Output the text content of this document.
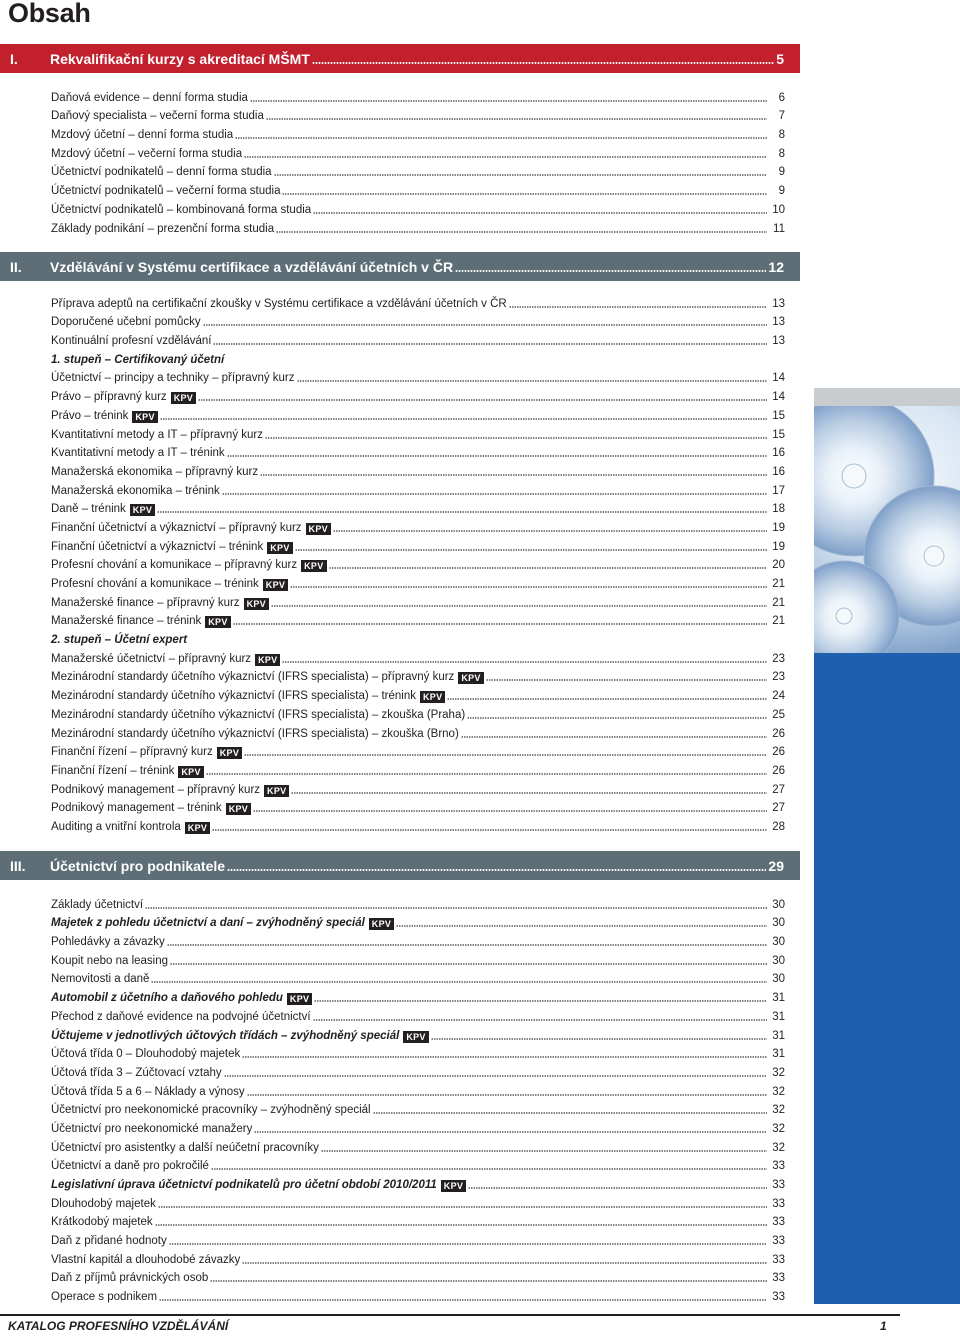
Obsah
I.	Rekvalifikační kurzy s akreditací MŠMT	5
Daňová evidence – denní forma studia	6
Daňový specialista – večerní forma studia	7
Mzdový účetní – denní forma studia	8
Mzdový účetní – večerní forma studia	8
Účetnictví podnikatelů – denní forma studia	9
Účetnictví podnikatelů – večerní forma studia	9
Účetnictví podnikatelů – kombinovaná forma studia	10
Základy podnikání – prezenční forma studia	11
II.	Vzdělávání v Systému certifikace a vzdělávání účetních v ČR	12
Příprava adeptů na certifikační zkoušky v Systému certifikace a vzdělávání účetních v ČR	13
Doporučené učební pomůcky	13
Kontinuální profesní vzdělávání	13
1. stupeň – Certifikovaný účetní
Účetnictví – principy a techniky – přípravný kurz	14
Právo – přípravný kurz KPV	14
Právo – trénink KPV	15
Kvantitativní metody a IT – přípravný kurz	15
Kvantitativní metody a IT – trénink	16
Manažerská ekonomika – přípravný kurz	16
Manažerská ekonomika – trénink	17
Daně – trénink KPV	18
Finanční účetnictví a výkaznictví – přípravný kurz KPV	19
Finanční účetnictví a výkaznictví – trénink KPV	19
Profesní chování a komunikace – přípravný kurz KPV	20
Profesní chování a komunikace – trénink KPV	21
Manažerské finance – přípravný kurz KPV	21
Manažerské finance – trénink KPV	21
2. stupeň – Účetní expert
Manažerské účetnictví – přípravný kurz KPV	23
Mezinárodní standardy účetního výkaznictví (IFRS specialista) – přípravný kurz KPV	23
Mezinárodní standardy účetního výkaznictví (IFRS specialista) – trénink KPV	24
Mezinárodní standardy účetního výkaznictví (IFRS specialista) – zkouška (Praha)	25
Mezinárodní standardy účetního výkaznictví (IFRS specialista) – zkouška (Brno)	26
Finanční řízení – přípravný kurz KPV	26
Finanční řízení – trénink KPV	26
Podnikový management – přípravný kurz KPV	27
Podnikový management – trénink KPV	27
Auditing a vnitřní kontrola KPV	28
III.	Účetnictví pro podnikatele	29
Základy účetnictví	30
Majetek z pohledu účetnictví a daní – zvýhodněný speciál KPV	30
Pohledávky a závazky	30
Koupit nebo na leasing	30
Nemovitosti a daně	30
Automobil z účetního a daňového pohledu KPV	31
Přechod z daňové evidence na podvojné účetnictví	31
Účtujeme v jednotlivých účtových třídách – zvýhodněný speciál KPV	31
Účtová třída 0 – Dlouhodobý majetek	31
Účtová třída 3 – Zúčtovací vztahy	32
Účtová třída 5 a 6 – Náklady a výnosy	32
Účetnictví pro neekonomické pracovníky – zvýhodněný speciál	32
Účetnictví pro neekonomické manažery	32
Účetnictví pro asistentky a další neúčetní pracovníky	32
Účetnictví a daně pro pokročilé	33
Legislativní úprava účetnictví podnikatelů pro účetní období 2010/2011 KPV	33
Dlouhodobý majetek	33
Krátkodobý majetek	33
Daň z přidané hodnoty	33
Vlastní kapitál a dlouhodobé závazky	33
Daň z příjmů právnických osob	33
Operace s podnikem	33
KATALOG PROFESNÍHO VZDĚLÁVÁNÍ	1
